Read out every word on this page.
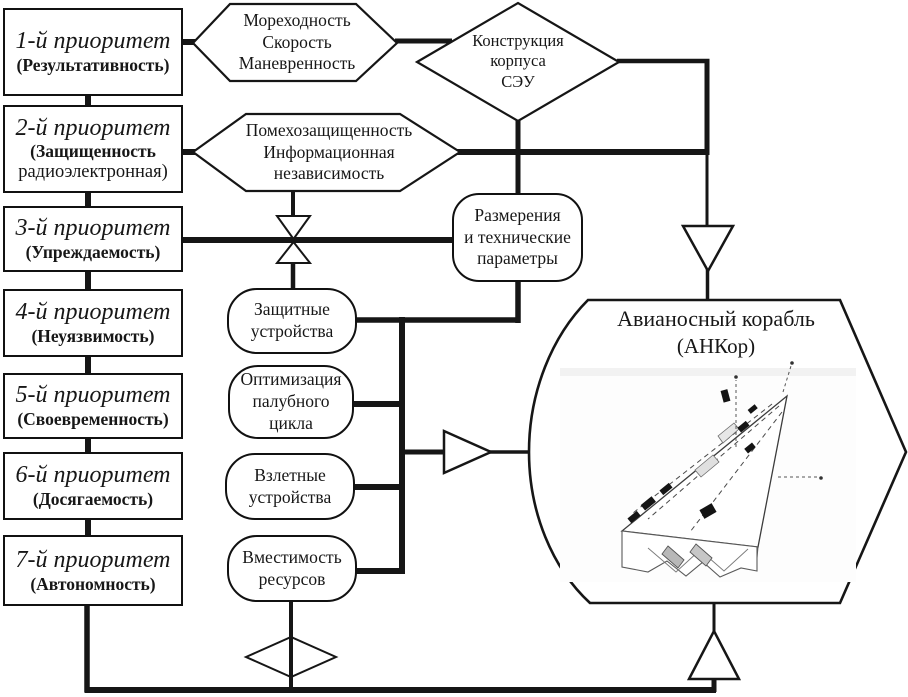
1-й приоритет
(Результативность)
2-й приоритет
(Защищенность
радиоэлектронная)
3-й приоритет
(Упреждаемость)
4-й приоритет
(Неуязвимость)
5-й приоритет
(Своевременность)
6-й приоритет
(Досягаемость)
7-й приоритет
(Автономность)
Мореходность
Скорость
Маневренность
Помехозащищенность
Информационная
независимость
Конструкция
корпуса
СЭУ
Размерения
и технические
параметры
Защитные
устройства
Оптимизация
палубного
цикла
Взлетные
устройства
Вместимость
ресурсов
Авианосный корабль
(АНКор)
